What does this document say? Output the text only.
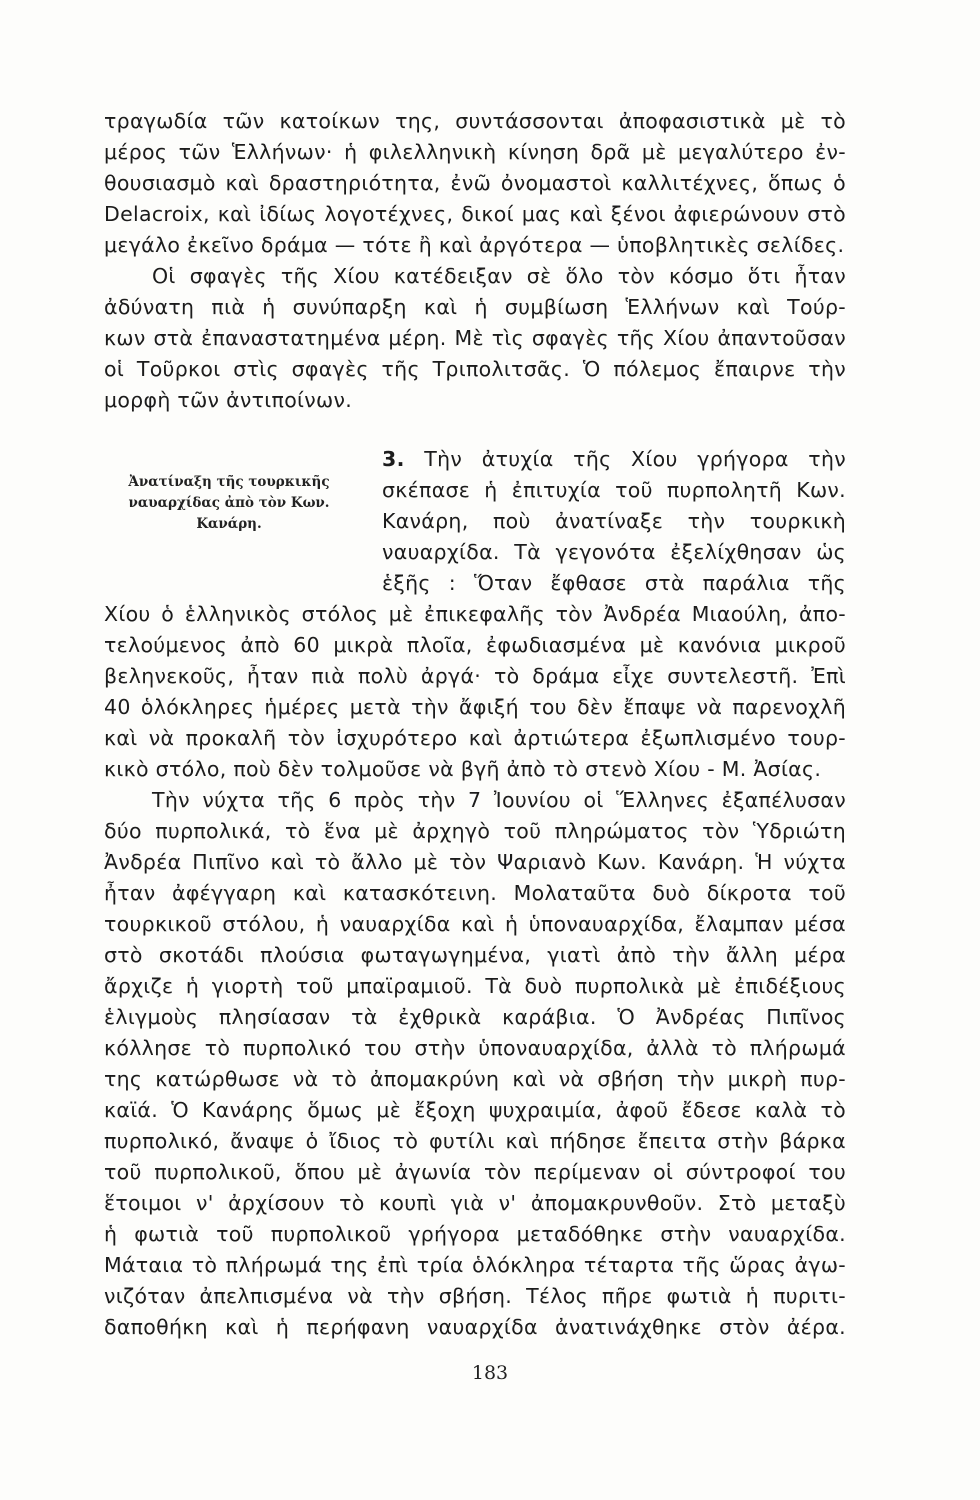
τραγωδία τῶν κατοίκων της, συντάσσονται ἀποφασιστικὰ μὲ τὸ
μέρος τῶν Ἑλλήνων· ἡ φιλελληνικὴ κίνηση δρᾶ μὲ μεγαλύτερο ἐν-
θουσιασμὸ καὶ δραστηριότητα, ἐνῶ ὀνομαστοὶ καλλιτέχνες, ὅπως ὁ
Delacroix, καὶ ἰδίως λογοτέχνες, δικοί μας καὶ ξένοι ἀφιερώνουν στὸ
μεγάλο ἐκεῖνο δράμα — τότε ἢ καὶ ἀργότερα — ὑποβλητικὲς σελίδες.
Οἱ σφαγὲς τῆς Χίου κατέδειξαν σὲ ὅλο τὸν κόσμο ὅτι ἦταν
ἀδύνατη πιὰ ἡ συνύπαρξη καὶ ἡ συμβίωση Ἑλλήνων καὶ Τούρ-
κων στὰ ἐπαναστατημένα μέρη. Μὲ τὶς σφαγὲς τῆς Χίου ἀπαντοῦσαν
οἱ Τοῦρκοι στὶς σφαγὲς τῆς Τριπολιτσᾶς. Ὁ πόλεμος ἔπαιρνε τὴν
μορφὴ τῶν ἀντιποίνων.
Ἀνατίναξη τῆς τουρκικῆς
ναυαρχίδας ἀπὸ τὸν Κων.
Κανάρη.
3. Τὴν ἀτυχία τῆς Χίου γρήγορα τὴν
σκέπασε ἡ ἐπιτυχία τοῦ πυρπολητῆ Κων.
Κανάρη, ποὺ ἀνατίναξε τὴν τουρκικὴ
ναυαρχίδα. Τὰ γεγονότα ἐξελίχθησαν ὡς
ἑξῆς : Ὅταν ἔφθασε στὰ παράλια τῆς
Χίου ὁ ἑλληνικὸς στόλος μὲ ἐπικεφαλῆς τὸν Ἀνδρέα Μιαούλη, ἀπο-
τελούμενος ἀπὸ 60 μικρὰ πλοῖα, ἐφωδιασμένα μὲ κανόνια μικροῦ
βεληνεκοῦς, ἦταν πιὰ πολὺ ἀργά· τὸ δράμα εἶχε συντελεστῆ. Ἐπὶ
40 ὁλόκληρες ἡμέρες μετὰ τὴν ἄφιξή του δὲν ἔπαψε νὰ παρενοχλῆ
καὶ νὰ προκαλῆ τὸν ἰσχυρότερο καὶ ἀρτιώτερα ἐξωπλισμένο τουρ-
κικὸ στόλο, ποὺ δὲν τολμοῦσε νὰ βγῆ ἀπὸ τὸ στενὸ Χίου - Μ. Ἀσίας.
Τὴν νύχτα τῆς 6 πρὸς τὴν 7 Ἰουνίου οἱ Ἕλληνες ἐξαπέλυσαν
δύο πυρπολικά, τὸ ἕνα μὲ ἀρχηγὸ τοῦ πληρώματος τὸν Ὑδριώτη
Ἀνδρέα Πιπῖνο καὶ τὸ ἄλλο μὲ τὸν Ψαριανὸ Κων. Κανάρη. Ἡ νύχτα
ἦταν ἀφέγγαρη καὶ κατασκότεινη. Μολαταῦτα δυὸ δίκροτα τοῦ
τουρκικοῦ στόλου, ἡ ναυαρχίδα καὶ ἡ ὑποναυαρχίδα, ἔλαμπαν μέσα
στὸ σκοτάδι πλούσια φωταγωγημένα, γιατὶ ἀπὸ τὴν ἄλλη μέρα
ἄρχιζε ἡ γιορτὴ τοῦ μπαϊραμιοῦ. Τὰ δυὸ πυρπολικὰ μὲ ἐπιδέξιους
ἑλιγμοὺς πλησίασαν τὰ ἐχθρικὰ καράβια. Ὁ Ἀνδρέας Πιπῖνος
κόλλησε τὸ πυρπολικό του στὴν ὑποναυαρχίδα, ἀλλὰ τὸ πλήρωμά
της κατώρθωσε νὰ τὸ ἀπομακρύνη καὶ νὰ σβήση τὴν μικρὴ πυρ-
καϊά. Ὁ Κανάρης ὅμως μὲ ἔξοχη ψυχραιμία, ἀφοῦ ἔδεσε καλὰ τὸ
πυρπολικό, ἄναψε ὁ ἴδιος τὸ φυτίλι καὶ πήδησε ἔπειτα στὴν βάρκα
τοῦ πυρπολικοῦ, ὅπου μὲ ἀγωνία τὸν περίμεναν οἱ σύντροφοί του
ἕτοιμοι ν' ἀρχίσουν τὸ κουπὶ γιὰ ν' ἀπομακρυνθοῦν. Στὸ μεταξὺ
ἡ φωτιὰ τοῦ πυρπολικοῦ γρήγορα μεταδόθηκε στὴν ναυαρχίδα.
Μάταια τὸ πλήρωμά της ἐπὶ τρία ὁλόκληρα τέταρτα τῆς ὥρας ἀγω-
νιζόταν ἀπελπισμένα νὰ τὴν σβήση. Τέλος πῆρε φωτιὰ ἡ πυριτι-
δαποθήκη καὶ ἡ περήφανη ναυαρχίδα ἀνατινάχθηκε στὸν ἀέρα.
183
